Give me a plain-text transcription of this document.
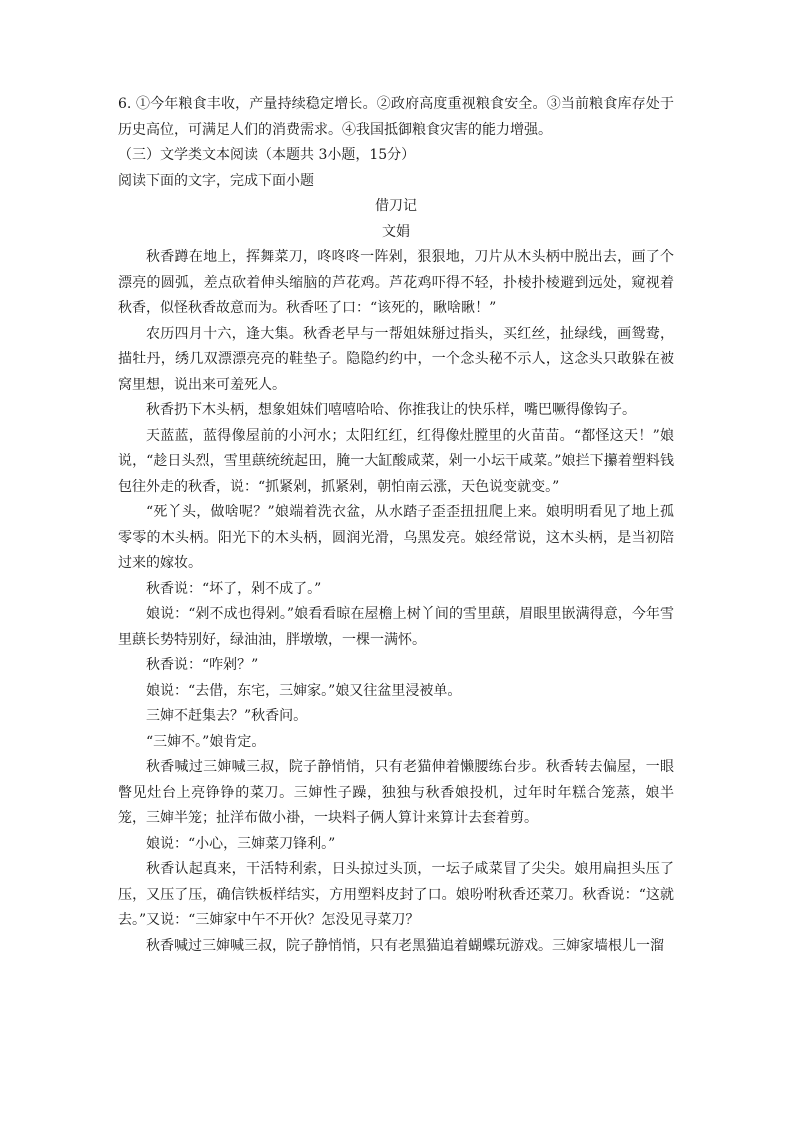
6. ①今年粮食丰收，产量持续稳定增长。②政府高度重视粮食安全。③当前粮食库存处于历史高位，可满足人们的消费需求。④我国抵御粮食灾害的能力增强。

（三）文学类文本阅读（本题共 3小题，15分）

阅读下面的文字，完成下面小题

借刀记

文娟

秋香蹲在地上，挥舞菜刀，咚咚咚一阵剁，狠狠地，刀片从木头柄中脱出去，画了个漂亮的圆弧，差点砍着伸头缩脑的芦花鸡。芦花鸡吓得不轻，扑棱扑棱避到远处，窥视着秋香，似怪秋香故意而为。秋香呸了口：“该死的，瞅啥瞅！”

农历四月十六，逢大集。秋香老早与一帮姐妹掰过指头，买红丝，扯绿线，画鸳鸯，描牡丹，绣几双漂漂亮亮的鞋垫子。隐隐约约中，一个念头秘不示人，这念头只敢躲在被窝里想，说出来可羞死人。

秋香扔下木头柄，想象姐妹们嘻嘻哈哈、你推我让的快乐样，嘴巴噘得像钩子。

天蓝蓝，蓝得像屋前的小河水；太阳红红，红得像灶膛里的火苗苗。“都怪这天！”娘说，“趁日头烈，雪里蕻统统起田，腌一大缸酸咸菜，剁一小坛干咸菜。”娘拦下攥着塑料钱包往外走的秋香，说：“抓紧剁，抓紧剁，朝怕南云涨，天色说变就变。”

“死丫头，做啥呢？”娘端着洗衣盆，从水踏子歪歪扭扭爬上来。娘明明看见了地上孤零零的木头柄。阳光下的木头柄，圆润光滑，乌黑发亮。娘经常说，这木头柄，是当初陪过来的嫁妆。

秋香说：“坏了，剁不成了。”

娘说：“剁不成也得剁。”娘看看晾在屋檐上树丫间的雪里蕻，眉眼里嵌满得意，今年雪里蕻长势特别好，绿油油，胖墩墩，一棵一满怀。

秋香说：“咋剁？”

娘说：“去借，东宅，三婶家。”娘又往盆里浸被单。

三婶不赶集去？”秋香问。

“三婶不。”娘肯定。

秋香喊过三婶喊三叔，院子静悄悄，只有老猫伸着懒腰练台步。秋香转去偏屋，一眼瞥见灶台上亮铮铮的菜刀。三婶性子躁，独独与秋香娘投机，过年时年糕合笼蒸，娘半笼，三婶半笼；扯洋布做小褂，一块料子俩人算计来算计去套着剪。

娘说：“小心，三婶菜刀锋利。”

秋香认起真来，干活特利索，日头掠过头顶，一坛子咸菜冒了尖尖。娘用扁担头压了压，又压了压，确信铁板样结实，方用塑料皮封了口。娘吩咐秋香还菜刀。秋香说：“这就去。”又说：“三婶家中午不开伙？怎没见寻菜刀？

秋香喊过三婶喊三叔，院子静悄悄，只有老黑猫追着蝴蝶玩游戏。三婶家墙根儿一溜
